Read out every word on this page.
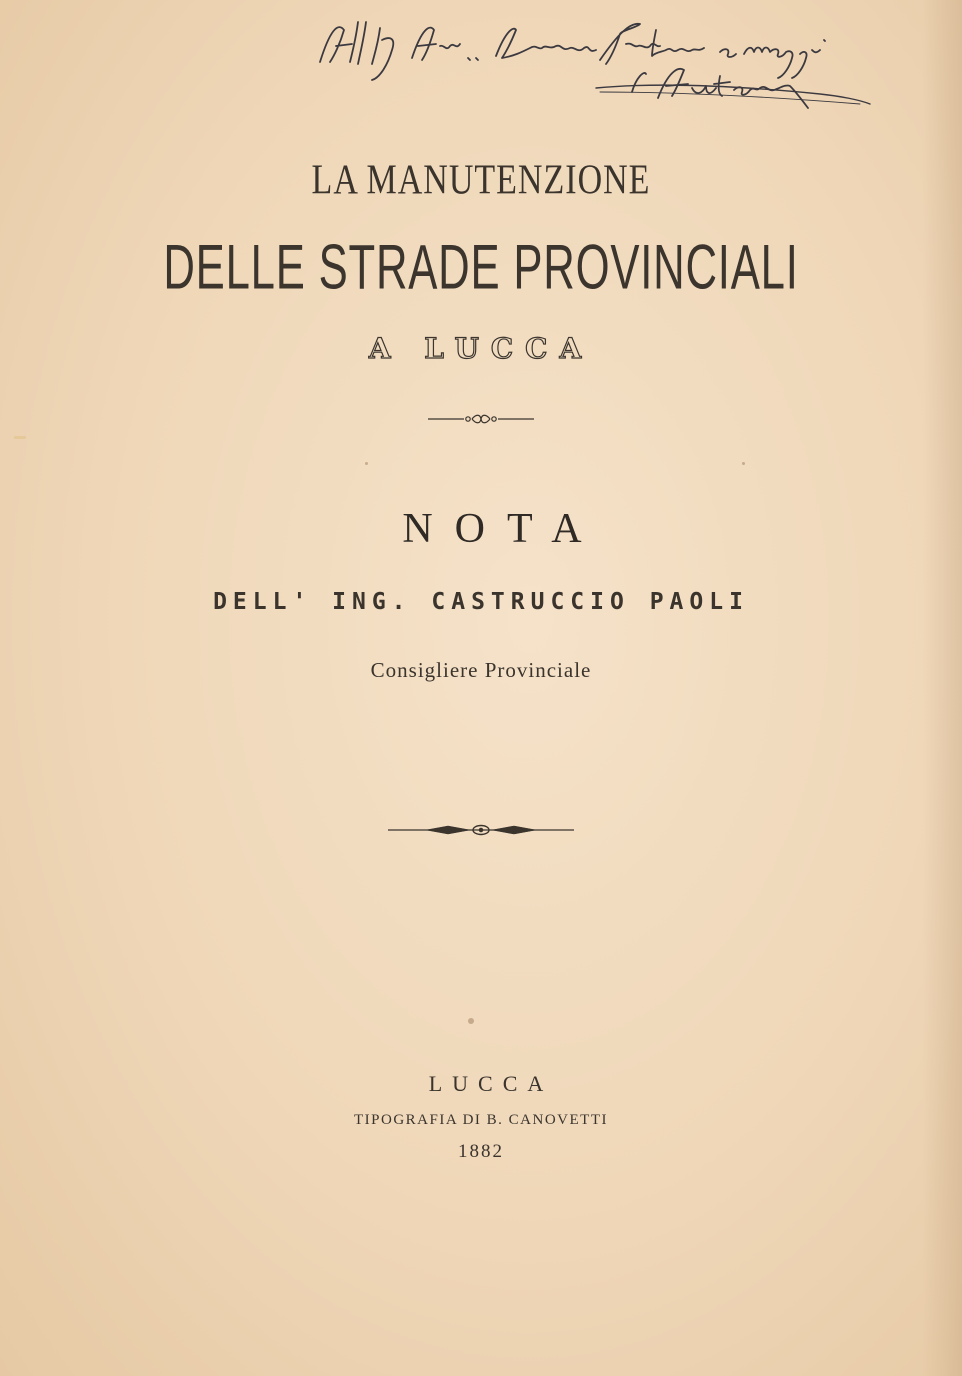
LA MANUTENZIONE
DELLE STRADE PROVINCIALI
A LUCCA
NOTA
DELL' ING. CASTRUCCIO PAOLI
Consigliere Provinciale
LUCCA
TIPOGRAFIA DI B. CANOVETTI
1882
